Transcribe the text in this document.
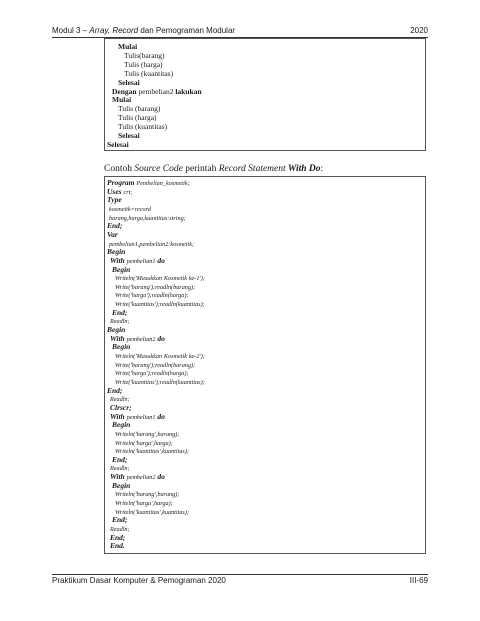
Modul 3 – Array, Record dan Pemograman Modular	2020
Mulai
Tulis(barang)
Tulis (harga)
Tulis (kuantitas)
Selesai
Dengan pembelian2 lakukan
Mulai
Tulis (barang)
Tulis (harga)
Tulis (kuantitas)
Selesai
Selesai
Contoh Source Code perintah Record Statement With Do:
Program Pembelian_kosmetik;
Uses crt;
Type
kosmetik=record
barang,harga,kuantitas:string;
End;
Var
pembelian1,pembelian2:kosmetik;
Begin
With pembelian1 do
Begin
Writeln('Masukkan Kosmetik ke-1');
Write('barang');readln(barang);
Write('harga');readln(harga);
Write('kuantitas');readln(kuantitas);
End;
Readln;
Begin
With pembelian2 do
Begin
Writeln('Masukkan Kosmetik ke-2');
Write('barang');readln(barang);
Write('harga');readln(harga);
Write('kuantitas');readln(kuantitas);
End;
Readln;
Clrscr;
With pembelian1 do
Begin
Writeln('barang',barang);
Writeln('harga',harga);
Writeln('kuantitas',kuantitas);
End;
Readln;
With pembelian2 do
Begin
Writeln('barang',barang);
Writeln('harga',harga);
Writeln('kuantitas',kuantitas);
End;
Readln;
End;
End.
Praktikum Dasar Komputer & Pemograman 2020	III-69
